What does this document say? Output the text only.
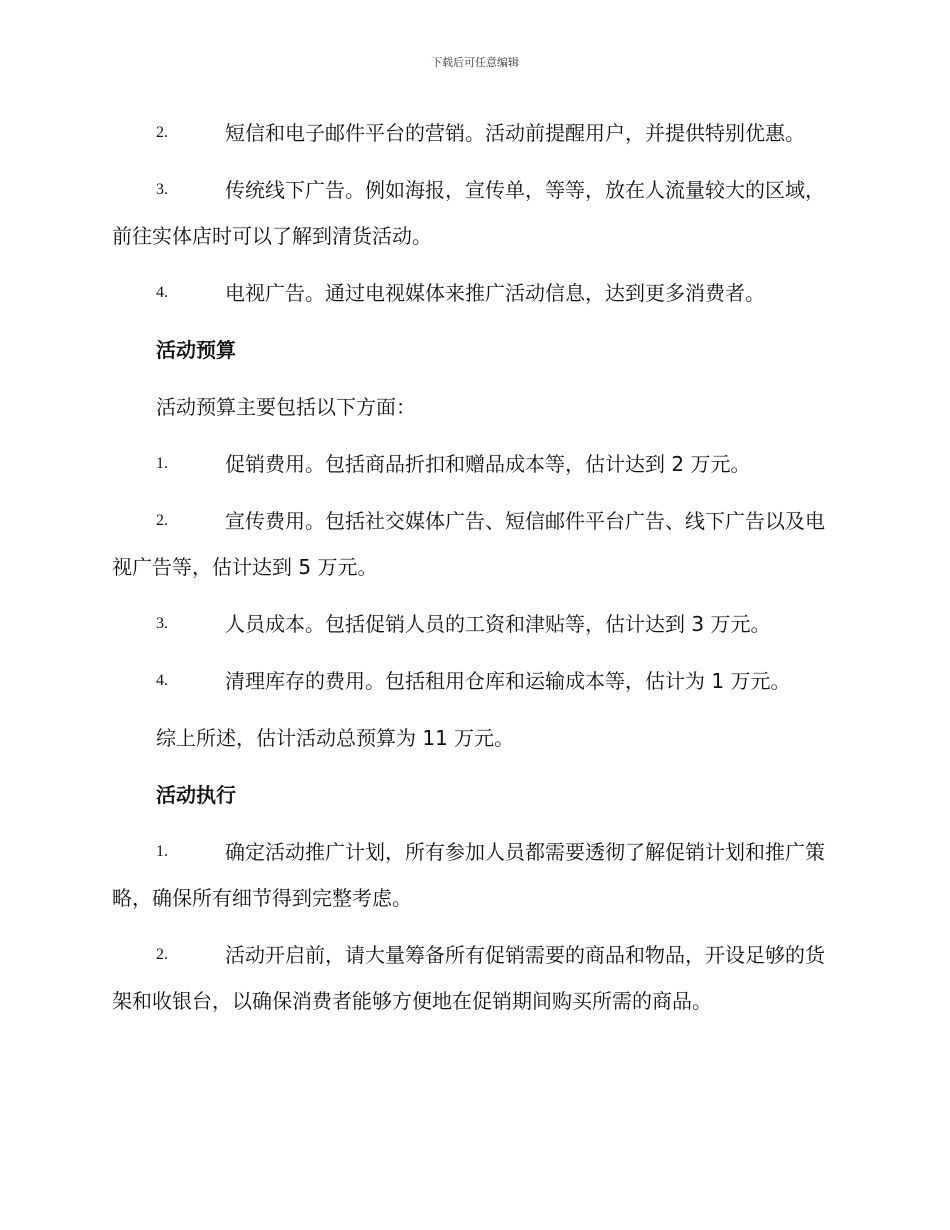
下载后可任意编辑
2.	短信和电子邮件平台的营销。活动前提醒用户，并提供特别优惠。
3.	传统线下广告。例如海报，宣传单，等等，放在人流量较大的区域，前往实体店时可以了解到清货活动。
4.	电视广告。通过电视媒体来推广活动信息，达到更多消费者。
活动预算
活动预算主要包括以下方面：
1.	促销费用。包括商品折扣和赠品成本等，估计达到 2 万元。
2.	宣传费用。包括社交媒体广告、短信邮件平台广告、线下广告以及电视广告等，估计达到 5 万元。
3.	人员成本。包括促销人员的工资和津贴等，估计达到 3 万元。
4.	清理库存的费用。包括租用仓库和运输成本等，估计为 1 万元。
综上所述，估计活动总预算为 11 万元。
活动执行
1.	确定活动推广计划，所有参加人员都需要透彻了解促销计划和推广策略，确保所有细节得到完整考虑。
2.	活动开启前，请大量筹备所有促销需要的商品和物品，开设足够的货架和收银台，以确保消费者能够方便地在促销期间购买所需的商品。
